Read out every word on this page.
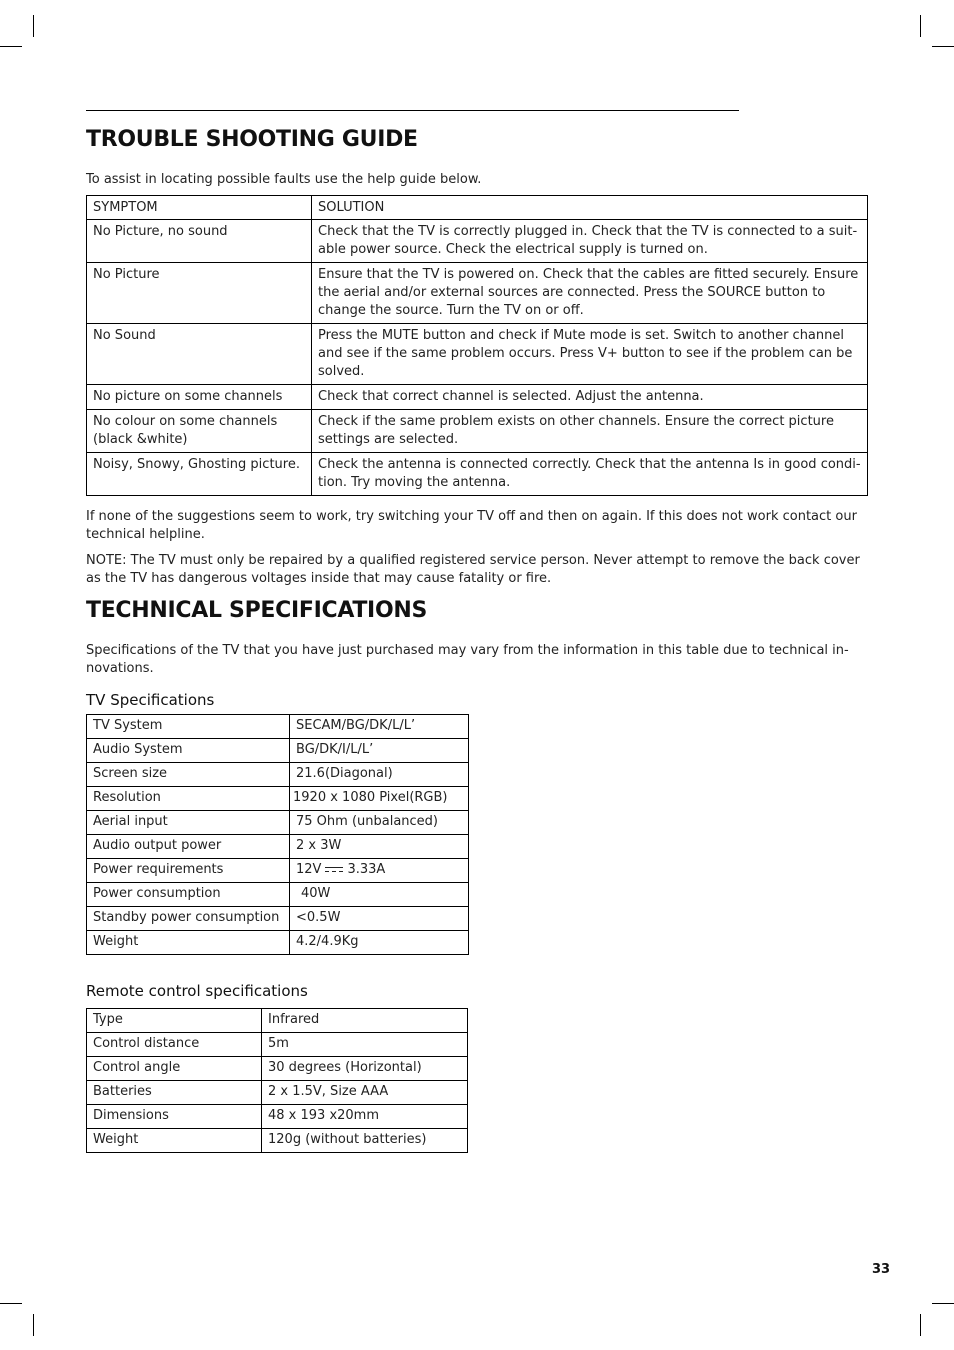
TROUBLE SHOOTING GUIDE

To assist in locating possible faults use the help guide below.

SYMPTOM	SOLUTION
No Picture, no sound	Check that the TV is correctly plugged in. Check that the TV is connected to a suit-able power source. Check the electrical supply is turned on.
No Picture	Ensure that the TV is powered on. Check that the cables are fitted securely. Ensure the aerial and/or external sources are connected. Press the SOURCE button to change the source. Turn the TV on or off.
No Sound	Press the MUTE button and check if Mute mode is set. Switch to another channel and see if the same problem occurs. Press V+ button to see if the problem can be solved.
No picture on some channels	Check that correct channel is selected. Adjust the antenna.
No colour on some channels (black &white)	Check if the same problem exists on other channels. Ensure the correct picture settings are selected.
Noisy, Snowy, Ghosting picture.	Check the antenna is connected correctly. Check that the antenna Is in good condi-tion. Try moving the antenna.

If none of the suggestions seem to work, try switching your TV off and then on again. If this does not work contact our technical helpline.

NOTE: The TV must only be repaired by a qualified registered service person. Never attempt to remove the back cover as the TV has dangerous voltages inside that may cause fatality or fire.

TECHNICAL SPECIFICATIONS

Specifications of the TV that you have just purchased may vary from the information in this table due to technical in-novations.

TV Specifications
TV System	SECAM/BG/DK/L/L’
Audio System	BG/DK/I/L/L’
Screen size	21.6(Diagonal)
Resolution	1920 x 1080 Pixel(RGB)
Aerial input	75 Ohm (unbalanced)
Audio output power	2 x 3W
Power requirements	12V 3.33A
Power consumption	40W
Standby power consumption	<0.5W
Weight	4.2/4.9Kg
Remote control specifications
Type	Infrared
Control distance	5m
Control angle	30 degrees (Horizontal)
Batteries	2 x 1.5V, Size AAA
Dimensions	48 x 193 x20mm
Weight	120g (without batteries)
33
